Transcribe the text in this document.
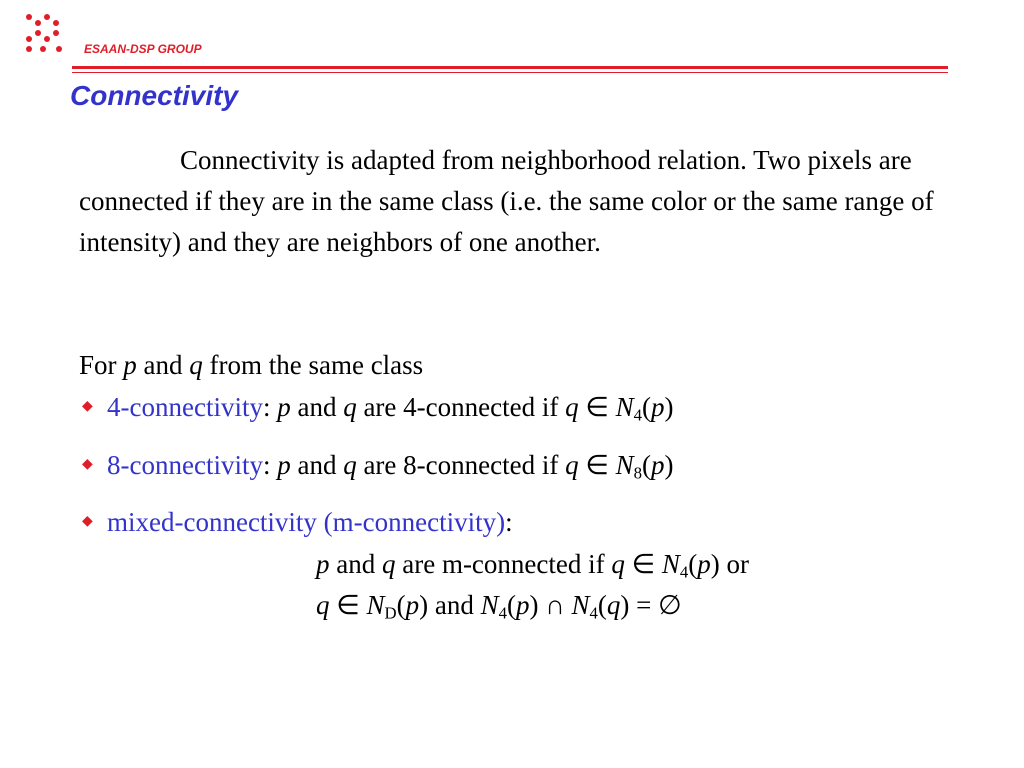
ESAAN-DSP GROUP
Connectivity
Connectivity is adapted from neighborhood relation. Two pixels are connected if they are in the same class (i.e. the same color or the same range of intensity) and they are neighbors of one another.
For p and q from the same class
◆ 4-connectivity: p and q are 4-connected if q ∈ $N_4(p)$
◆ 8-connectivity: p and q are 8-connected if q ∈ $N_8(p)$
◆ mixed-connectivity (m-connectivity):
p and q are m-connected if q ∈ $N_4(p)$ or
q ∈ $N_D(p)$ and $N_4(p)$ ∩ $N_4(q)$ = ∅
